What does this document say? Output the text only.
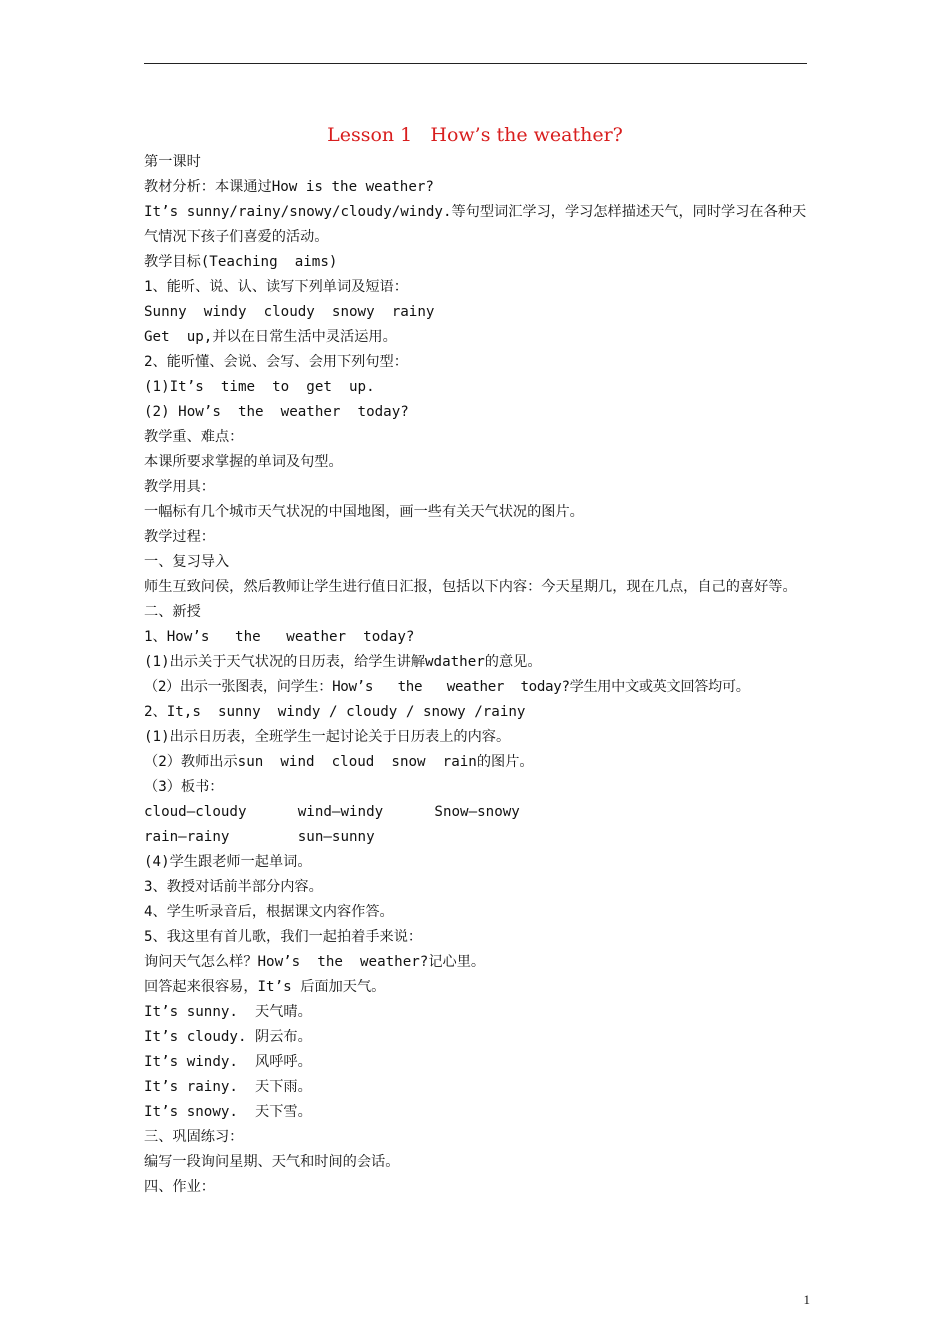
Lesson 1   How’s the weather?
第一课时
教材分析：本课通过How is the weather?
It’s sunny/rainy/snowy/cloudy/windy.等句型词汇学习，学习怎样描述天气，同时学习在各种天气情况下孩子们喜爱的活动。
教学目标(Teaching  aims)
1、能听、说、认、读写下列单词及短语：
Sunny  windy  cloudy  snowy  rainy
Get  up,并以在日常生活中灵活运用。
2、能听懂、会说、会写、会用下列句型：
(1)It’s  time  to  get  up.
(2) How’s  the  weather  today?
教学重、难点：
本课所要求掌握的单词及句型。
教学用具：
一幅标有几个城市天气状况的中国地图，画一些有关天气状况的图片。
教学过程：
一、复习导入
师生互致问侯，然后教师让学生进行值日汇报，包括以下内容：今天星期几，现在几点，自己的喜好等。
二、新授
1、How’s   the   weather  today?
(1)出示关于天气状况的日历表，给学生讲解wdather的意见。
（2）出示一张图表，问学生：How’s   the   weather  today?学生用中文或英文回答均可。
2、It,s  sunny  windy / cloudy / snowy /rainy
(1)出示日历表，全班学生一起讨论关于日历表上的内容。
（2）教师出示sun  wind  cloud  snow  rain的图片。
（3）板书：
cloud—cloudy      wind—windy      Snow—snowy
rain—rainy        sun—sunny
(4)学生跟老师一起单词。
3、教授对话前半部分内容。
4、学生听录音后，根据课文内容作答。
5、我这里有首儿歌，我们一起拍着手来说：
询问天气怎么样？How’s  the  weather?记心里。
回答起来很容易，It’s 后面加天气。
It’s sunny.  天气晴。
It’s cloudy. 阴云布。
It’s windy.  风呼呼。
It’s rainy.  天下雨。
It’s snowy.  天下雪。
三、巩固练习：
编写一段询问星期、天气和时间的会话。
四、作业：
1
